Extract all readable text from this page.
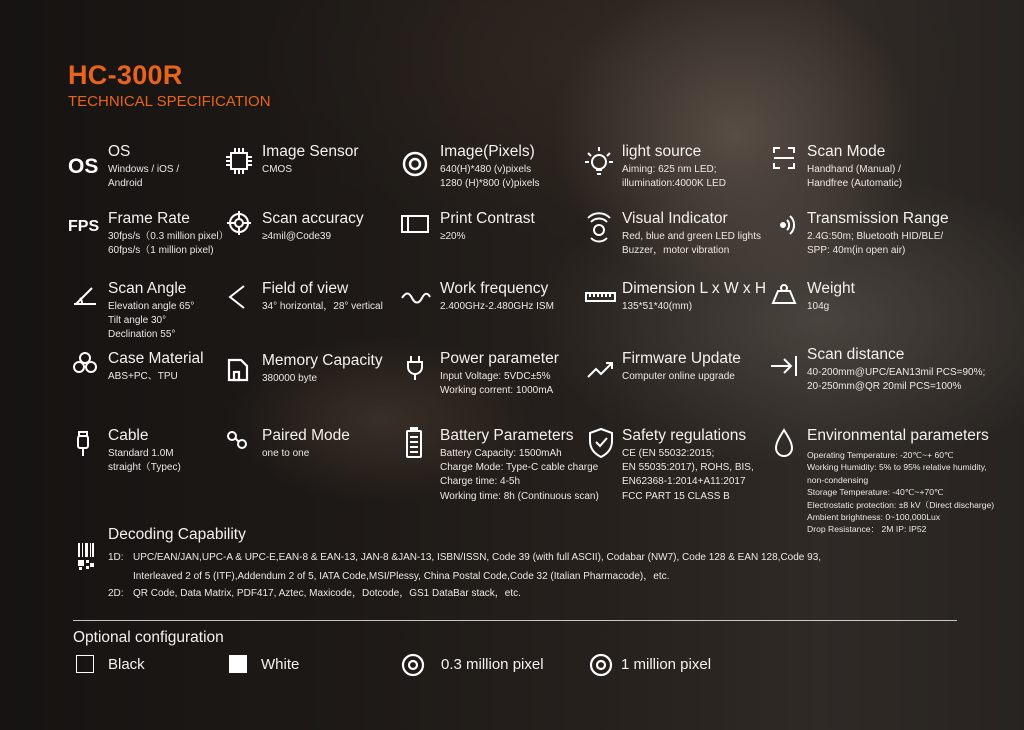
HC-300R
TECHNICAL SPECIFICATION
OS
OS
Windows / iOS /
Android
Image Sensor
CMOS
Image(Pixels)
640(H)*480 (v)pixels
1280 (H)*800 (v)pixels
light source
Aiming: 625 nm LED;
illumination:4000K LED
Scan Mode
Handhand (Manual) /
Handfree (Automatic)
FPS Frame Rate
30fps/s（0.3 million pixel）
60fps/s（1 million pixel)
Scan accuracy
≥4mil@Code39
Print Contrast
≥20%
Visual Indicator
Red, blue and green LED lights
Buzzer，motor vibration
Transmission Range
2.4G:50m; Bluetooth HID/BLE/
SPP: 40m(in open air)
Scan Angle
Elevation angle 65°
Tilt angle 30°
Declination 55°
Field of view
34° horizontal，28° vertical
Work frequency
2.400GHz-2.480GHz ISM
Dimension L x W x H
135*51*40(mm)
Weight
104g
Case Material
ABS+PC、TPU
Memory Capacity
380000 byte
Power parameter
Input Voltage: 5VDC±5%
Working corrent: 1000mA
Firmware Update
Computer online upgrade
Scan distance
40-200mm@UPC/EAN13mil PCS=90%;
20-250mm@QR 20mil PCS=100%
Cable
Standard 1.0M
straight（Typec)
Paired Mode
one to one
Battery Parameters
Battery Capacity: 1500mAh
Charge Mode: Type-C cable charge
Charge time: 4-5h
Working time: 8h (Continuous scan)
Safety regulations
CE (EN 55032:2015;
EN 55035:2017), ROHS, BIS,
EN62368-1:2014+A11:2017
FCC PART 15 CLASS B
Environmental parameters
Operating Temperature: -20℃~+ 60℃
Working Humidity: 5% to 95% relative humidity,
non-condensing
Storage Temperature: -40℃~+70℃
Electrostatic protection: ±8 kV（Direct discharge)
Ambient brightness: 0~100,000Lux
Drop Resistance： 2M IP: IP52
Decoding Capability
1D: UPC/EAN/JAN,UPC-A & UPC-E,EAN-8 & EAN-13, JAN-8 &JAN-13, ISBN/ISSN, Code 39 (with full ASCII), Codabar (NW7), Code 128 & EAN 128,Code 93,
Interleaved 2 of 5 (ITF),Addendum 2 of 5, IATA Code,MSI/Plessy, China Postal Code,Code 32 (Italian Pharmacode)，etc.
2D: QR Code, Data Matrix, PDF417, Aztec, Maxicode，Dotcode，GS1 DataBar stack，etc.
Optional configuration
Black	White	0.3 million pixel	1 million pixel
